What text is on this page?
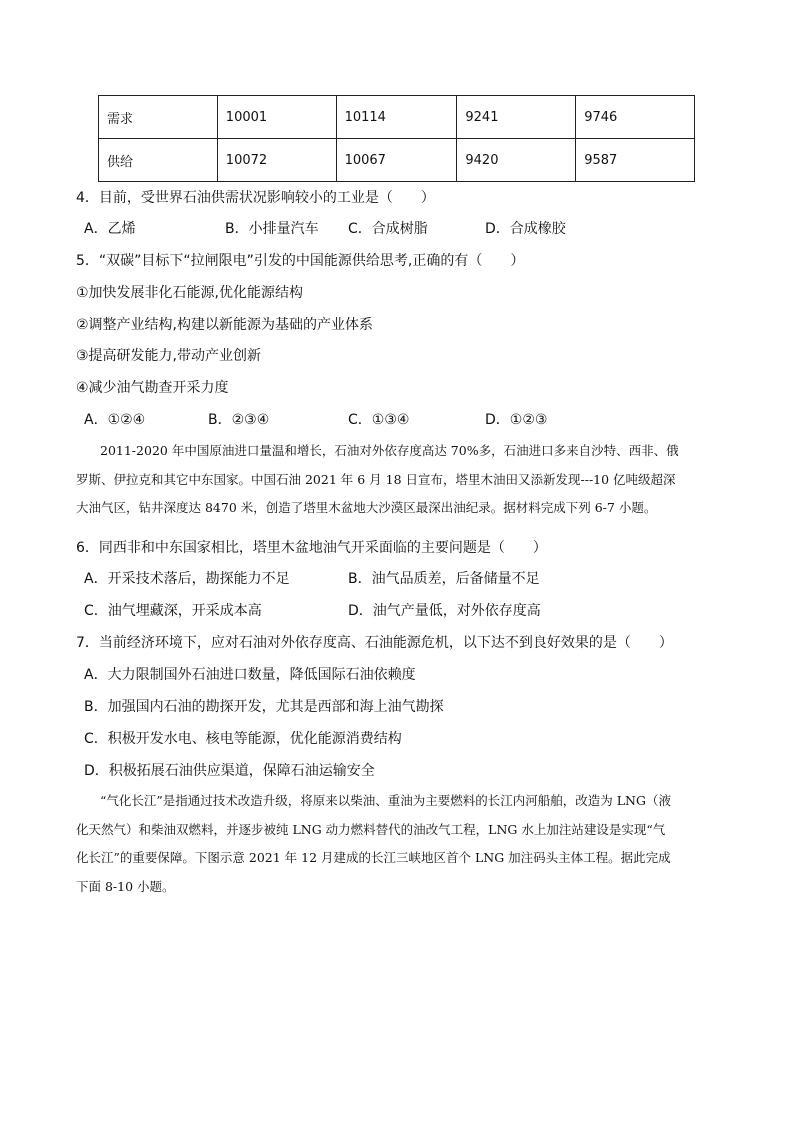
需求	10001	10114	9241	9746
供给	10072	10067	9420	9587
4．目前，受世界石油供需状况影响较小的工业是（　　）
A．乙烯	B．小排量汽车 C．合成树脂	D．合成橡胶
5．“双碳”目标下“拉闸限电”引发的中国能源供给思考,正确的有（　　）
①加快发展非化石能源,优化能源结构
②调整产业结构,构建以新能源为基础的产业体系
③提高研发能力,带动产业创新
④减少油气勘查开采力度
A．①②④	B．②③④	C．①③④	D．①②③
2011-2020 年中国原油进口量温和增长，石油对外依存度高达 70%多，石油进口多来自沙特、西非、俄
罗斯、伊拉克和其它中东国家。中国石油 2021 年 6 月 18 日宣布，塔里木油田又添新发现---10 亿吨级超深
大油气区，钻井深度达 8470 米，创造了塔里木盆地大沙漠区最深出油纪录。据材料完成下列 6-7 小题。
6．同西非和中东国家相比，塔里木盆地油气开采面临的主要问题是（　　）
A．开采技术落后，勘探能力不足	B．油气品质差，后备储量不足
C．油气埋藏深，开采成本高	D．油气产量低，对外依存度高
7．当前经济环境下，应对石油对外依存度高、石油能源危机，以下达不到良好效果的是（　　）
A．大力限制国外石油进口数量，降低国际石油依赖度
B．加强国内石油的勘探开发，尤其是西部和海上油气勘探
C．积极开发水电、核电等能源，优化能源消费结构
D．积极拓展石油供应渠道，保障石油运输安全
“气化长江”是指通过技术改造升级，将原来以柴油、重油为主要燃料的长江内河船舶，改造为 LNG（液
化天然气）和柴油双燃料，并逐步被纯 LNG 动力燃料替代的油改气工程，LNG 水上加注站建设是实现“气
化长江”的重要保障。下图示意 2021 年 12 月建成的长江三峡地区首个 LNG 加注码头主体工程。据此完成
下面 8-10 小题。
